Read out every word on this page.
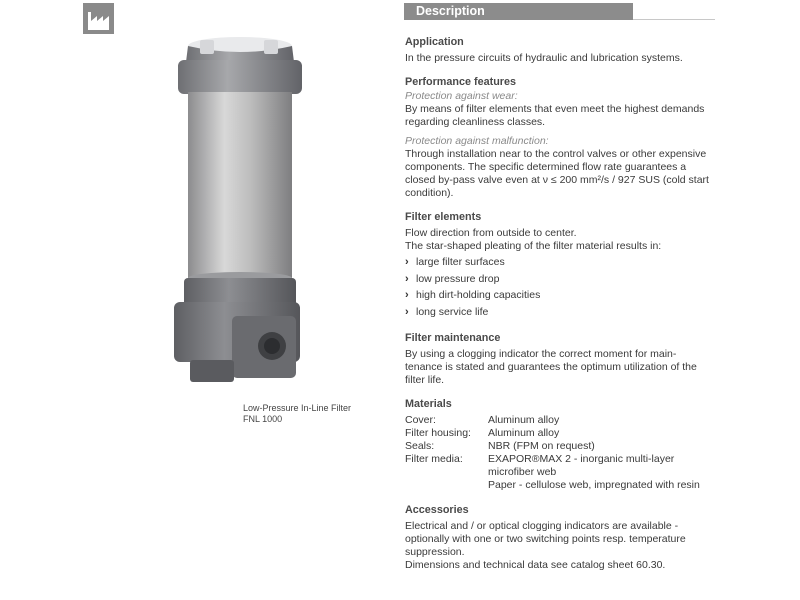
Low-Pressure In-Line Filter
FNL 1000
Description
Application
In the pressure circuits of hydraulic and lubrication systems.
Performance features
Protection against wear:
By means of filter elements that even meet the highest demands
regarding cleanliness classes.
Protection against malfunction:
Through installation near to the control valves or other expensive
components. The specific determined flow rate guarantees a
closed by-pass valve even at ν ≤ 200 mm²/s / 927 SUS (cold start
condition).
Filter elements
Flow direction from outside to center.
The star-shaped pleating of the filter material results in:
› large filter surfaces
› low pressure drop
› high dirt-holding capacities
› long service life
Filter maintenance
By using a clogging indicator the correct moment for main-
tenance is stated and guarantees the optimum utilization of the
filter life.
Materials
Cover:	Aluminum alloy
Filter housing:	Aluminum alloy
Seals:	NBR (FPM on request)
Filter media:	EXAPOR®MAX 2 - inorganic multi-layer
microfiber web
Paper - cellulose web, impregnated with resin
Accessories
Electrical and / or optical clogging indicators are available -
optionally with one or two switching points resp. temperature
suppression.
Dimensions and technical data see catalog sheet 60.30.
